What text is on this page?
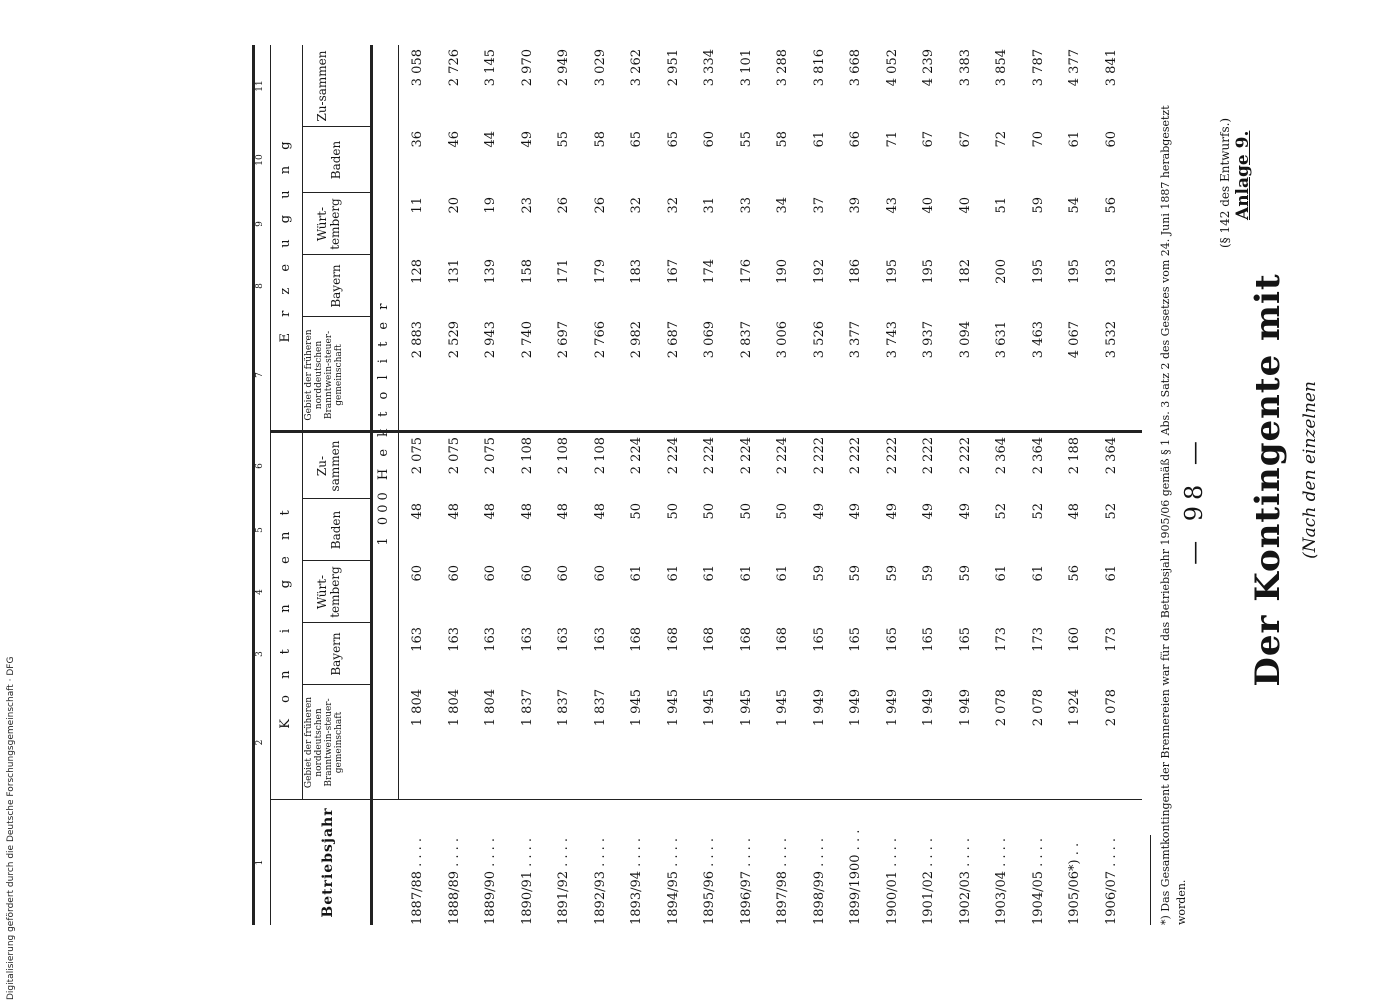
— 98 — Der Kontingente mit (Nach den einzelnen
Anlage 9.
(§ 142 des Entwurfs.)
1
2
3
4
5
6
7
8
9
10
11
K o n t i n g e n t
E r z e u g u n g
Betriebsjahr
Gebiet der früheren norddeutschen Branntwein-steuer-gemeinschaft
Bayern
Würt-temberg
Baden
Zu-sammen
Gebiet der früheren norddeutschen Branntwein-steuer-gemeinschaft
Bayern
Würt-temberg
Baden
Zu-sammen
1 000 H e k t o l i t e r
1887/88 . . . .
1 804
163
60
48
2 075
2 883
128
11
36
3 058
1888/89 . . . .
1 804
163
60
48
2 075
2 529
131
20
46
2 726
1889/90 . . . .
1 804
163
60
48
2 075
2 943
139
19
44
3 145
1890/91 . . . .
1 837
163
60
48
2 108
2 740
158
23
49
2 970
1891/92 . . . .
1 837
163
60
48
2 108
2 697
171
26
55
2 949
1892/93 . . . .
1 837
163
60
48
2 108
2 766
179
26
58
3 029
1893/94 . . . .
1 945
168
61
50
2 224
2 982
183
32
65
3 262
1894/95 . . . .
1 945
168
61
50
2 224
2 687
167
32
65
2 951
1895/96 . . . .
1 945
168
61
50
2 224
3 069
174
31
60
3 334
1896/97 . . . .
1 945
168
61
50
2 224
2 837
176
33
55
3 101
1897/98 . . . .
1 945
168
61
50
2 224
3 006
190
34
58
3 288
1898/99 . . . .
1 949
165
59
49
2 222
3 526
192
37
61
3 816
1899/1900 . . .
1 949
165
59
49
2 222
3 377
186
39
66
3 668
1900/01 . . . .
1 949
165
59
49
2 222
3 743
195
43
71
4 052
1901/02 . . . .
1 949
165
59
49
2 222
3 937
195
40
67
4 239
1902/03 . . . .
1 949
165
59
49
2 222
3 094
182
40
67
3 383
1903/04 . . . .
2 078
173
61
52
2 364
3 631
200
51
72
3 854
1904/05 . . . .
2 078
173
61
52
2 364
3 463
195
59
70
3 787
1905/06*) . .
1 924
160
56
48
2 188
4 067
195
54
61
4 377
1906/07 . . . .
2 078
173
61
52
2 364
3 532
193
56
60
3 841
*) Das Gesamtkontingent der Brennereien war für das Betriebsjahr 1905/06 gemäß § 1 Abs. 3 Satz 2 des Gesetzes vom 24. Juni 1887 herabgesetzt worden.
Digitalisierung gefördert durch die Deutsche Forschungsgemeinschaft · DFG
